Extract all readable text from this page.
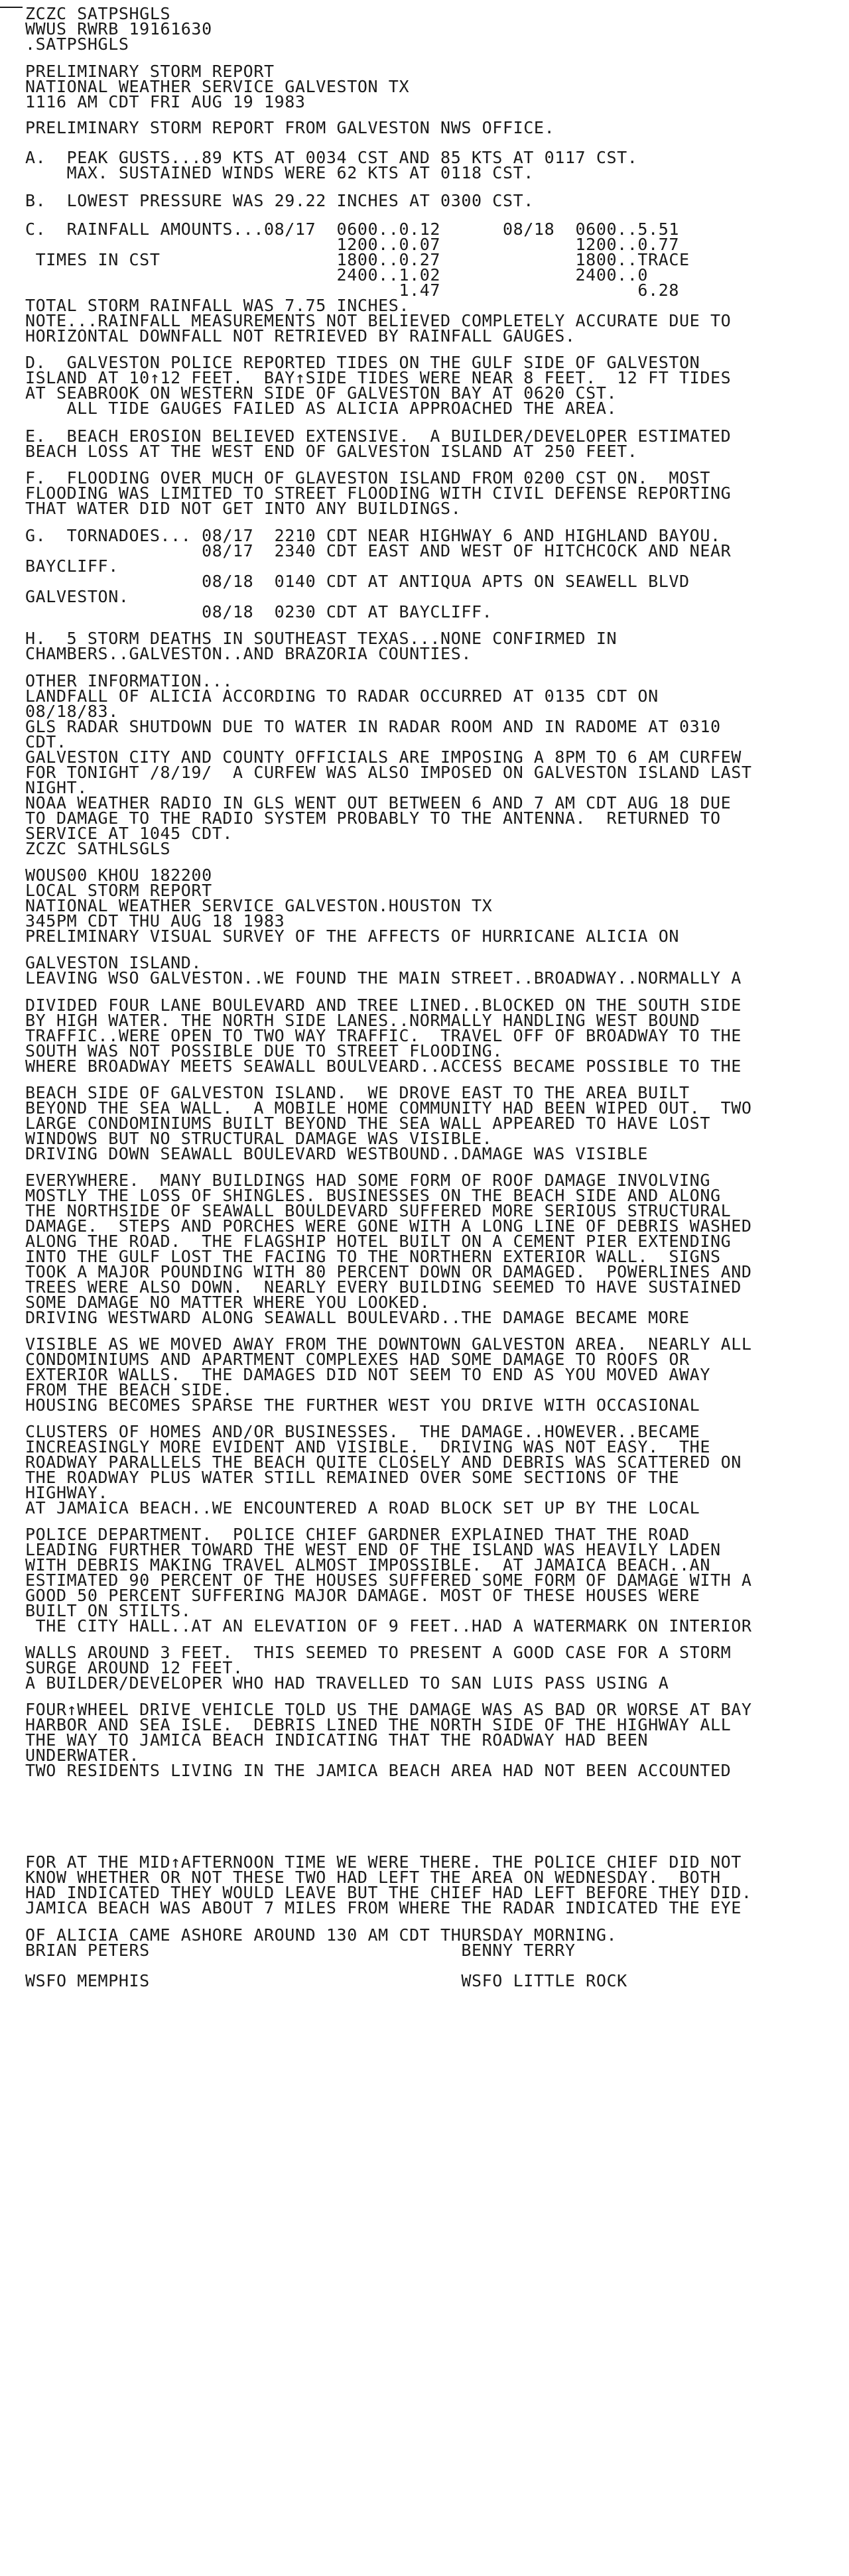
ZCZC SATPSHGLS
WWUS RWRB 19161630
.SATPSHGLS
PRELIMINARY STORM REPORT
NATIONAL WEATHER SERVICE GALVESTON TX
1116 AM CDT FRI AUG 19 1983
PRELIMINARY STORM REPORT FROM GALVESTON NWS OFFICE.
A.  PEAK GUSTS...89 KTS AT 0034 CST AND 85 KTS AT 0117 CST.
MAX. SUSTAINED WINDS WERE 62 KTS AT 0118 CST.
B.  LOWEST PRESSURE WAS 29.22 INCHES AT 0300 CST.
C.  RAINFALL AMOUNTS...08/17  0600..0.12      08/18  0600..5.51
1200..0.07             1200..0.77
TIMES IN CST                 1800..0.27             1800..TRACE
2400..1.02             2400..0
1.47                   6.28
TOTAL STORM RAINFALL WAS 7.75 INCHES.
NOTE...RAINFALL MEASUREMENTS NOT BELIEVED COMPLETELY ACCURATE DUE TO
HORIZONTAL DOWNFALL NOT RETRIEVED BY RAINFALL GAUGES.
D.  GALVESTON POLICE REPORTED TIDES ON THE GULF SIDE OF GALVESTON
ISLAND AT 10↑12 FEET.  BAY↑SIDE TIDES WERE NEAR 8 FEET.  12 FT TIDES
AT SEABROOK ON WESTERN SIDE OF GALVESTON BAY AT 0620 CST.
ALL TIDE GAUGES FAILED AS ALICIA APPROACHED THE AREA.
E.  BEACH EROSION BELIEVED EXTENSIVE.  A BUILDER/DEVELOPER ESTIMATED
BEACH LOSS AT THE WEST END OF GALVESTON ISLAND AT 250 FEET.
F.  FLOODING OVER MUCH OF GLAVESTON ISLAND FROM 0200 CST ON.  MOST
FLOODING WAS LIMITED TO STREET FLOODING WITH CIVIL DEFENSE REPORTING
THAT WATER DID NOT GET INTO ANY BUILDINGS.
G.  TORNADOES... 08/17  2210 CDT NEAR HIGHWAY 6 AND HIGHLAND BAYOU.
08/17  2340 CDT EAST AND WEST OF HITCHCOCK AND NEAR
BAYCLIFF.
08/18  0140 CDT AT ANTIQUA APTS ON SEAWELL BLVD
GALVESTON.
08/18  0230 CDT AT BAYCLIFF.
H.  5 STORM DEATHS IN SOUTHEAST TEXAS...NONE CONFIRMED IN
CHAMBERS..GALVESTON..AND BRAZORIA COUNTIES.
OTHER INFORMATION...
LANDFALL OF ALICIA ACCORDING TO RADAR OCCURRED AT 0135 CDT ON
08/18/83.
GLS RADAR SHUTDOWN DUE TO WATER IN RADAR ROOM AND IN RADOME AT 0310
CDT.
GALVESTON CITY AND COUNTY OFFICIALS ARE IMPOSING A 8PM TO 6 AM CURFEW
FOR TONIGHT /8/19/  A CURFEW WAS ALSO IMPOSED ON GALVESTON ISLAND LAST
NIGHT.
NOAA WEATHER RADIO IN GLS WENT OUT BETWEEN 6 AND 7 AM CDT AUG 18 DUE
TO DAMAGE TO THE RADIO SYSTEM PROBABLY TO THE ANTENNA.  RETURNED TO
SERVICE AT 1045 CDT.
ZCZC SATHLSGLS
WOUS00 KHOU 182200
LOCAL STORM REPORT
NATIONAL WEATHER SERVICE GALVESTON.HOUSTON TX
345PM CDT THU AUG 18 1983
PRELIMINARY VISUAL SURVEY OF THE AFFECTS OF HURRICANE ALICIA ON
GALVESTON ISLAND.
LEAVING WSO GALVESTON..WE FOUND THE MAIN STREET..BROADWAY..NORMALLY A
DIVIDED FOUR LANE BOULEVARD AND TREE LINED..BLOCKED ON THE SOUTH SIDE
BY HIGH WATER. THE NORTH SIDE LANES..NORMALLY HANDLING WEST BOUND
TRAFFIC..WERE OPEN TO TWO WAY TRAFFIC.  TRAVEL OFF OF BROADWAY TO THE
SOUTH WAS NOT POSSIBLE DUE TO STREET FLOODING.
WHERE BROADWAY MEETS SEAWALL BOULVEARD..ACCESS BECAME POSSIBLE TO THE
BEACH SIDE OF GALVESTON ISLAND.  WE DROVE EAST TO THE AREA BUILT
BEYOND THE SEA WALL.  A MOBILE HOME COMMUNITY HAD BEEN WIPED OUT.  TWO
LARGE CONDOMINIUMS BUILT BEYOND THE SEA WALL APPEARED TO HAVE LOST
WINDOWS BUT NO STRUCTURAL DAMAGE WAS VISIBLE.
DRIVING DOWN SEAWALL BOULEVARD WESTBOUND..DAMAGE WAS VISIBLE
EVERYWHERE.  MANY BUILDINGS HAD SOME FORM OF ROOF DAMAGE INVOLVING
MOSTLY THE LOSS OF SHINGLES. BUSINESSES ON THE BEACH SIDE AND ALONG
THE NORTHSIDE OF SEAWALL BOULDEVARD SUFFERED MORE SERIOUS STRUCTURAL
DAMAGE.  STEPS AND PORCHES WERE GONE WITH A LONG LINE OF DEBRIS WASHED
ALONG THE ROAD.  THE FLAGSHIP HOTEL BUILT ON A CEMENT PIER EXTENDING
INTO THE GULF LOST THE FACING TO THE NORTHERN EXTERIOR WALL.  SIGNS
TOOK A MAJOR POUNDING WITH 80 PERCENT DOWN OR DAMAGED.  POWERLINES AND
TREES WERE ALSO DOWN.  NEARLY EVERY BUILDING SEEMED TO HAVE SUSTAINED
SOME DAMAGE NO MATTER WHERE YOU LOOKED.
DRIVING WESTWARD ALONG SEAWALL BOULEVARD..THE DAMAGE BECAME MORE
VISIBLE AS WE MOVED AWAY FROM THE DOWNTOWN GALVESTON AREA.  NEARLY ALL
CONDOMINIUMS AND APARTMENT COMPLEXES HAD SOME DAMAGE TO ROOFS OR
EXTERIOR WALLS.  THE DAMAGES DID NOT SEEM TO END AS YOU MOVED AWAY
FROM THE BEACH SIDE.
HOUSING BECOMES SPARSE THE FURTHER WEST YOU DRIVE WITH OCCASIONAL
CLUSTERS OF HOMES AND/OR BUSINESSES.  THE DAMAGE..HOWEVER..BECAME
INCREASINGLY MORE EVIDENT AND VISIBLE.  DRIVING WAS NOT EASY.  THE
ROADWAY PARALLELS THE BEACH QUITE CLOSELY AND DEBRIS WAS SCATTERED ON
THE ROADWAY PLUS WATER STILL REMAINED OVER SOME SECTIONS OF THE
HIGHWAY.
AT JAMAICA BEACH..WE ENCOUNTERED A ROAD BLOCK SET UP BY THE LOCAL
POLICE DEPARTMENT.  POLICE CHIEF GARDNER EXPLAINED THAT THE ROAD
LEADING FURTHER TOWARD THE WEST END OF THE ISLAND WAS HEAVILY LADEN
WITH DEBRIS MAKING TRAVEL ALMOST IMPOSSIBLE.  AT JAMAICA BEACH..AN
ESTIMATED 90 PERCENT OF THE HOUSES SUFFERED SOME FORM OF DAMAGE WITH A
GOOD 50 PERCENT SUFFERING MAJOR DAMAGE. MOST OF THESE HOUSES WERE
BUILT ON STILTS.
THE CITY HALL..AT AN ELEVATION OF 9 FEET..HAD A WATERMARK ON INTERIOR
WALLS AROUND 3 FEET.  THIS SEEMED TO PRESENT A GOOD CASE FOR A STORM
SURGE AROUND 12 FEET.
A BUILDER/DEVELOPER WHO HAD TRAVELLED TO SAN LUIS PASS USING A
FOUR↑WHEEL DRIVE VEHICLE TOLD US THE DAMAGE WAS AS BAD OR WORSE AT BAY
HARBOR AND SEA ISLE.  DEBRIS LINED THE NORTH SIDE OF THE HIGHWAY ALL
THE WAY TO JAMICA BEACH INDICATING THAT THE ROADWAY HAD BEEN
UNDERWATER.
TWO RESIDENTS LIVING IN THE JAMICA BEACH AREA HAD NOT BEEN ACCOUNTED
FOR AT THE MID↑AFTERNOON TIME WE WERE THERE. THE POLICE CHIEF DID NOT
KNOW WHETHER OR NOT THESE TWO HAD LEFT THE AREA ON WEDNESDAY.  BOTH
HAD INDICATED THEY WOULD LEAVE BUT THE CHIEF HAD LEFT BEFORE THEY DID.
JAMICA BEACH WAS ABOUT 7 MILES FROM WHERE THE RADAR INDICATED THE EYE
OF ALICIA CAME ASHORE AROUND 130 AM CDT THURSDAY MORNING.
BRIAN PETERS                              BENNY TERRY
WSFO MEMPHIS                              WSFO LITTLE ROCK
